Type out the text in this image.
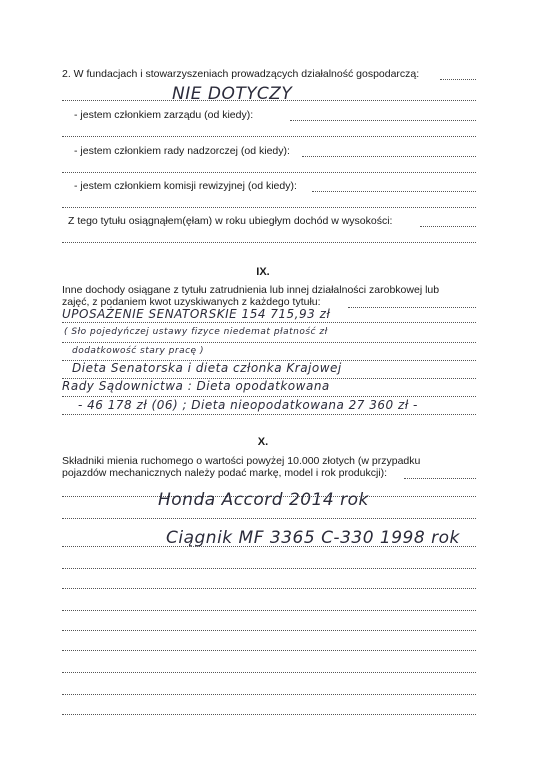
2. W fundacjach i stowarzyszeniach prowadzących działalność gospodarczą:
NIE DOTYCZY
- jestem członkiem zarządu (od kiedy):
- jestem członkiem rady nadzorczej (od kiedy):
- jestem członkiem komisji rewizyjnej (od kiedy):
Z tego tytułu osiągnąłem(ęłam) w roku ubiegłym dochód w wysokości:
IX.
Inne dochody osiągane z tytułu zatrudnienia lub innej działalności zarobkowej lub
zajęć, z podaniem kwot uzyskiwanych z każdego tytułu:
UPOSAŻENIE SENATORSKIE 154 715,93 zł
( Sło pojedyńczej ustawy fizyce niedemat płatność zł
dodatkowość stary pracę )
Dieta Senatorska i dieta członka Krajowej
Rady Sądownictwa : Dieta opodatkowana
- 46 178 zł (06) ; Dieta nieopodatkowana 27 360 zł -
X.
Składniki mienia ruchomego o wartości powyżej 10.000 złotych (w przypadku
pojazdów mechanicznych należy podać markę, model i rok produkcji):
Honda Accord 2014 rok
Ciągnik MF 3365 C-330 1998 rok
